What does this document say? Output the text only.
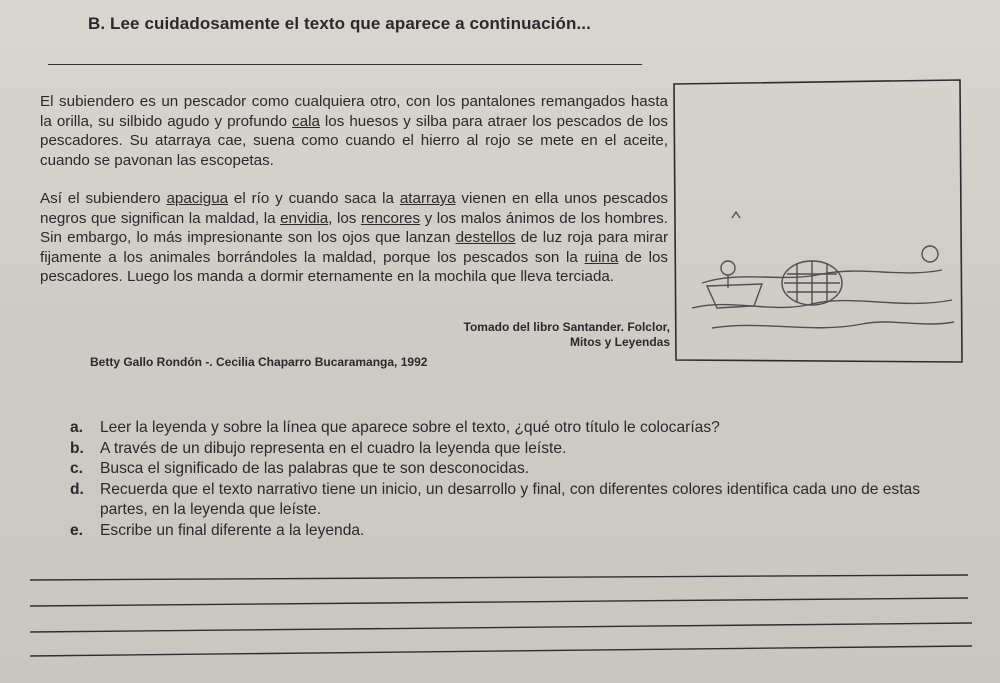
B. Lee cuidadosamente el texto que aparece a continuación...

El subiendero es un pescador como cualquiera otro, con los pantalones remangados hasta la orilla, su silbido agudo y profundo cala los huesos y silba para atraer los pescados de los pescadores. Su atarraya cae, suena como cuando el hierro al rojo se mete en el aceite, cuando se pavonan las escopetas.

Así el subiendero apacigua el río y cuando saca la atarraya vienen en ella unos pescados negros que significan la maldad, la envidia, los rencores y los malos ánimos de los hombres. Sin embargo, lo más impresionante son los ojos que lanzan destellos de luz roja para mirar fijamente a los animales borrándoles la maldad, porque los pescados son la ruina de los pescadores. Luego los manda a dormir eternamente en la mochila que lleva terciada.

Tomado del libro Santander. Folclor,
Mitos y Leyendas
Betty Gallo Rondón -. Cecilia Chaparro Bucaramanga, 1992
a. Leer la leyenda y sobre la línea que aparece sobre el texto, ¿qué otro título le colocarías?
b. A través de un dibujo representa en el cuadro la leyenda que leíste.
c. Busca el significado de las palabras que te son desconocidas.
d. Recuerda que el texto narrativo tiene un inicio, un desarrollo y final, con diferentes colores identifica cada uno de estas partes, en la leyenda que leíste.
e. Escribe un final diferente a la leyenda.
